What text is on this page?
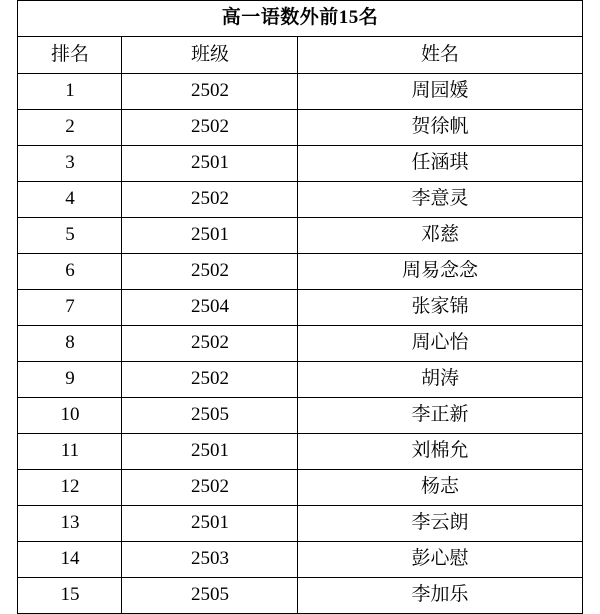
高一语数外前15名		
排名	班级	姓名
1	2502	周园媛
2	2502	贺徐帆
3	2501	任涵琪
4	2502	李意灵
5	2501	邓慈
6	2502	周易念念
7	2504	张家锦
8	2502	周心怡
9	2502	胡涛
10	2505	李正新
11	2501	刘棉允
12	2502	杨志
13	2501	李云朗
14	2503	彭心慰
15	2505	李加乐
